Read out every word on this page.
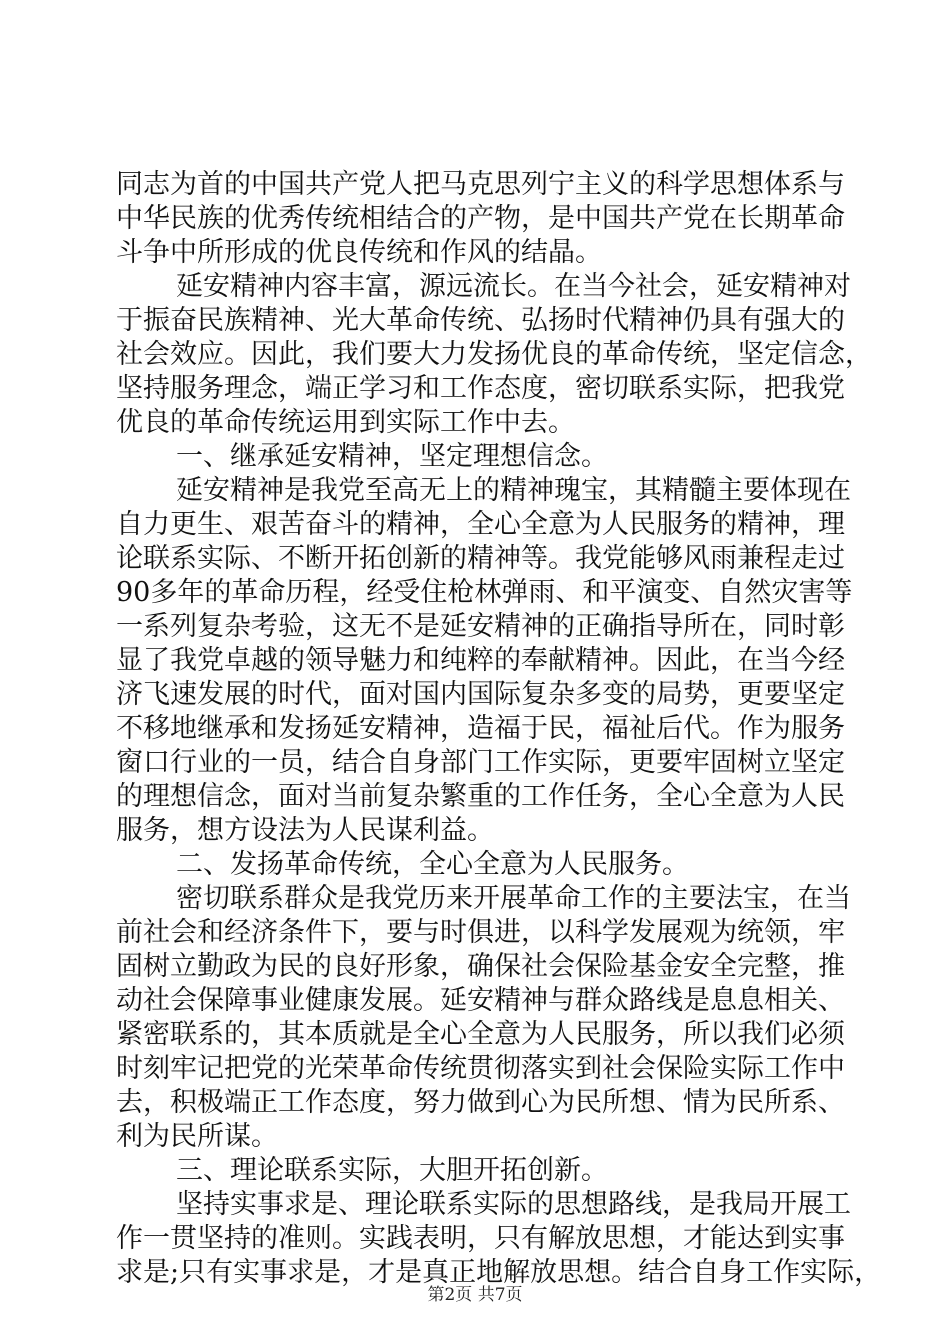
同志为首的中国共产党人把马克思列宁主义的科学思想体系与
中华民族的优秀传统相结合的产物，是中国共产党在长期革命
斗争中所形成的优良传统和作风的结晶。
延安精神内容丰富，源远流长。在当今社会，延安精神对
于振奋民族精神、光大革命传统、弘扬时代精神仍具有强大的
社会效应。因此，我们要大力发扬优良的革命传统，坚定信念，
坚持服务理念，端正学习和工作态度，密切联系实际，把我党
优良的革命传统运用到实际工作中去。
一、继承延安精神，坚定理想信念。
延安精神是我党至高无上的精神瑰宝，其精髓主要体现在
自力更生、艰苦奋斗的精神，全心全意为人民服务的精神，理
论联系实际、不断开拓创新的精神等。我党能够风雨兼程走过
90多年的革命历程，经受住枪林弹雨、和平演变、自然灾害等
一系列复杂考验，这无不是延安精神的正确指导所在，同时彰
显了我党卓越的领导魅力和纯粹的奉献精神。因此，在当今经
济飞速发展的时代，面对国内国际复杂多变的局势，更要坚定
不移地继承和发扬延安精神，造福于民，福祉后代。作为服务
窗口行业的一员，结合自身部门工作实际，更要牢固树立坚定
的理想信念，面对当前复杂繁重的工作任务，全心全意为人民
服务，想方设法为人民谋利益。
二、发扬革命传统，全心全意为人民服务。
密切联系群众是我党历来开展革命工作的主要法宝，在当
前社会和经济条件下，要与时俱进，以科学发展观为统领，牢
固树立勤政为民的良好形象，确保社会保险基金安全完整，推
动社会保障事业健康发展。延安精神与群众路线是息息相关、
紧密联系的，其本质就是全心全意为人民服务，所以我们必须
时刻牢记把党的光荣革命传统贯彻落实到社会保险实际工作中
去，积极端正工作态度，努力做到心为民所想、情为民所系、
利为民所谋。
三、理论联系实际，大胆开拓创新。
坚持实事求是、理论联系实际的思想路线，是我局开展工
作一贯坚持的准则。实践表明，只有解放思想，才能达到实事
求是;只有实事求是，才是真正地解放思想。结合自身工作实际，
第2页 共7页
